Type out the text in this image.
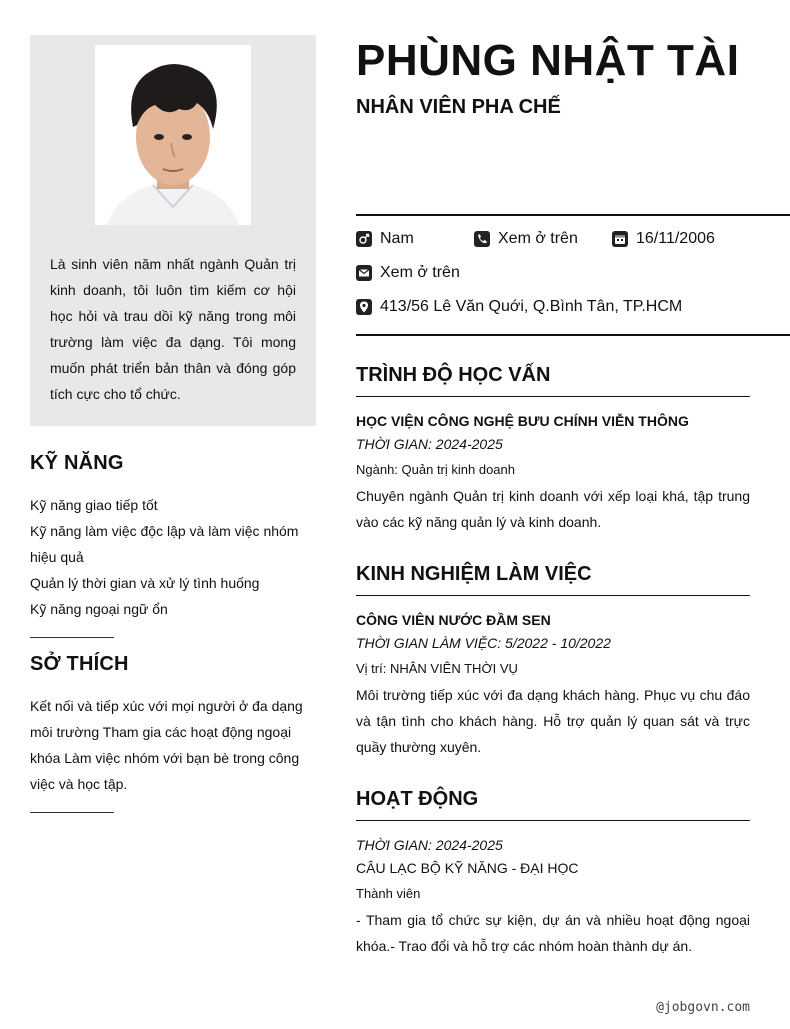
Là sinh viên năm nhất ngành Quản trị kinh doanh, tôi luôn tìm kiếm cơ hội học hỏi và trau dồi kỹ năng trong môi trường làm việc đa dạng. Tôi mong muốn phát triển bản thân và đóng góp tích cực cho tổ chức.

KỸ NĂNG

Kỹ năng giao tiếp tốt

Kỹ năng làm việc độc lập và làm việc nhóm hiệu quả

Quản lý thời gian và xử lý tình huống

Kỹ năng ngoại ngữ ổn

SỞ THÍCH

Kết nối và tiếp xúc với mọi người ở đa dạng môi trường Tham gia các hoạt động ngoại khóa Làm việc nhóm với bạn bè trong công việc và học tập.

PHÙNG NHẬT TÀI
NHÂN VIÊN PHA CHẾ
Nam	Xem ở trên	16/11/2006
Xem ở trên
413/56 Lê Văn Quới, Q.Bình Tân, TP.HCM
TRÌNH ĐỘ HỌC VẤN

HỌC VIỆN CÔNG NGHỆ BƯU CHÍNH VIỄN THÔNG

THỜI GIAN: 2024-2025

Ngành: Quản trị kinh doanh

Chuyên ngành Quản trị kinh doanh với xếp loại khá, tập trung vào các kỹ năng quản lý và kinh doanh.

KINH NGHIỆM LÀM VIỆC

CÔNG VIÊN NƯỚC ĐẦM SEN

THỜI GIAN LÀM VIỆC: 5/2022 - 10/2022

Vị trí: NHÂN VIÊN THỜI VỤ

Môi trường tiếp xúc với đa dạng khách hàng. Phục vụ chu đáo và tận tình cho khách hàng. Hỗ trợ quản lý quan sát và trực quầy thường xuyên.

HOẠT ĐỘNG

THỜI GIAN: 2024-2025

CÂU LẠC BỘ KỸ NĂNG - ĐẠI HỌC

Thành viên

- Tham gia tổ chức sự kiện, dự án và nhiều hoạt động ngoại khóa.- Trao đổi và hỗ trợ các nhóm hoàn thành dự án.

@jobgovn.com
